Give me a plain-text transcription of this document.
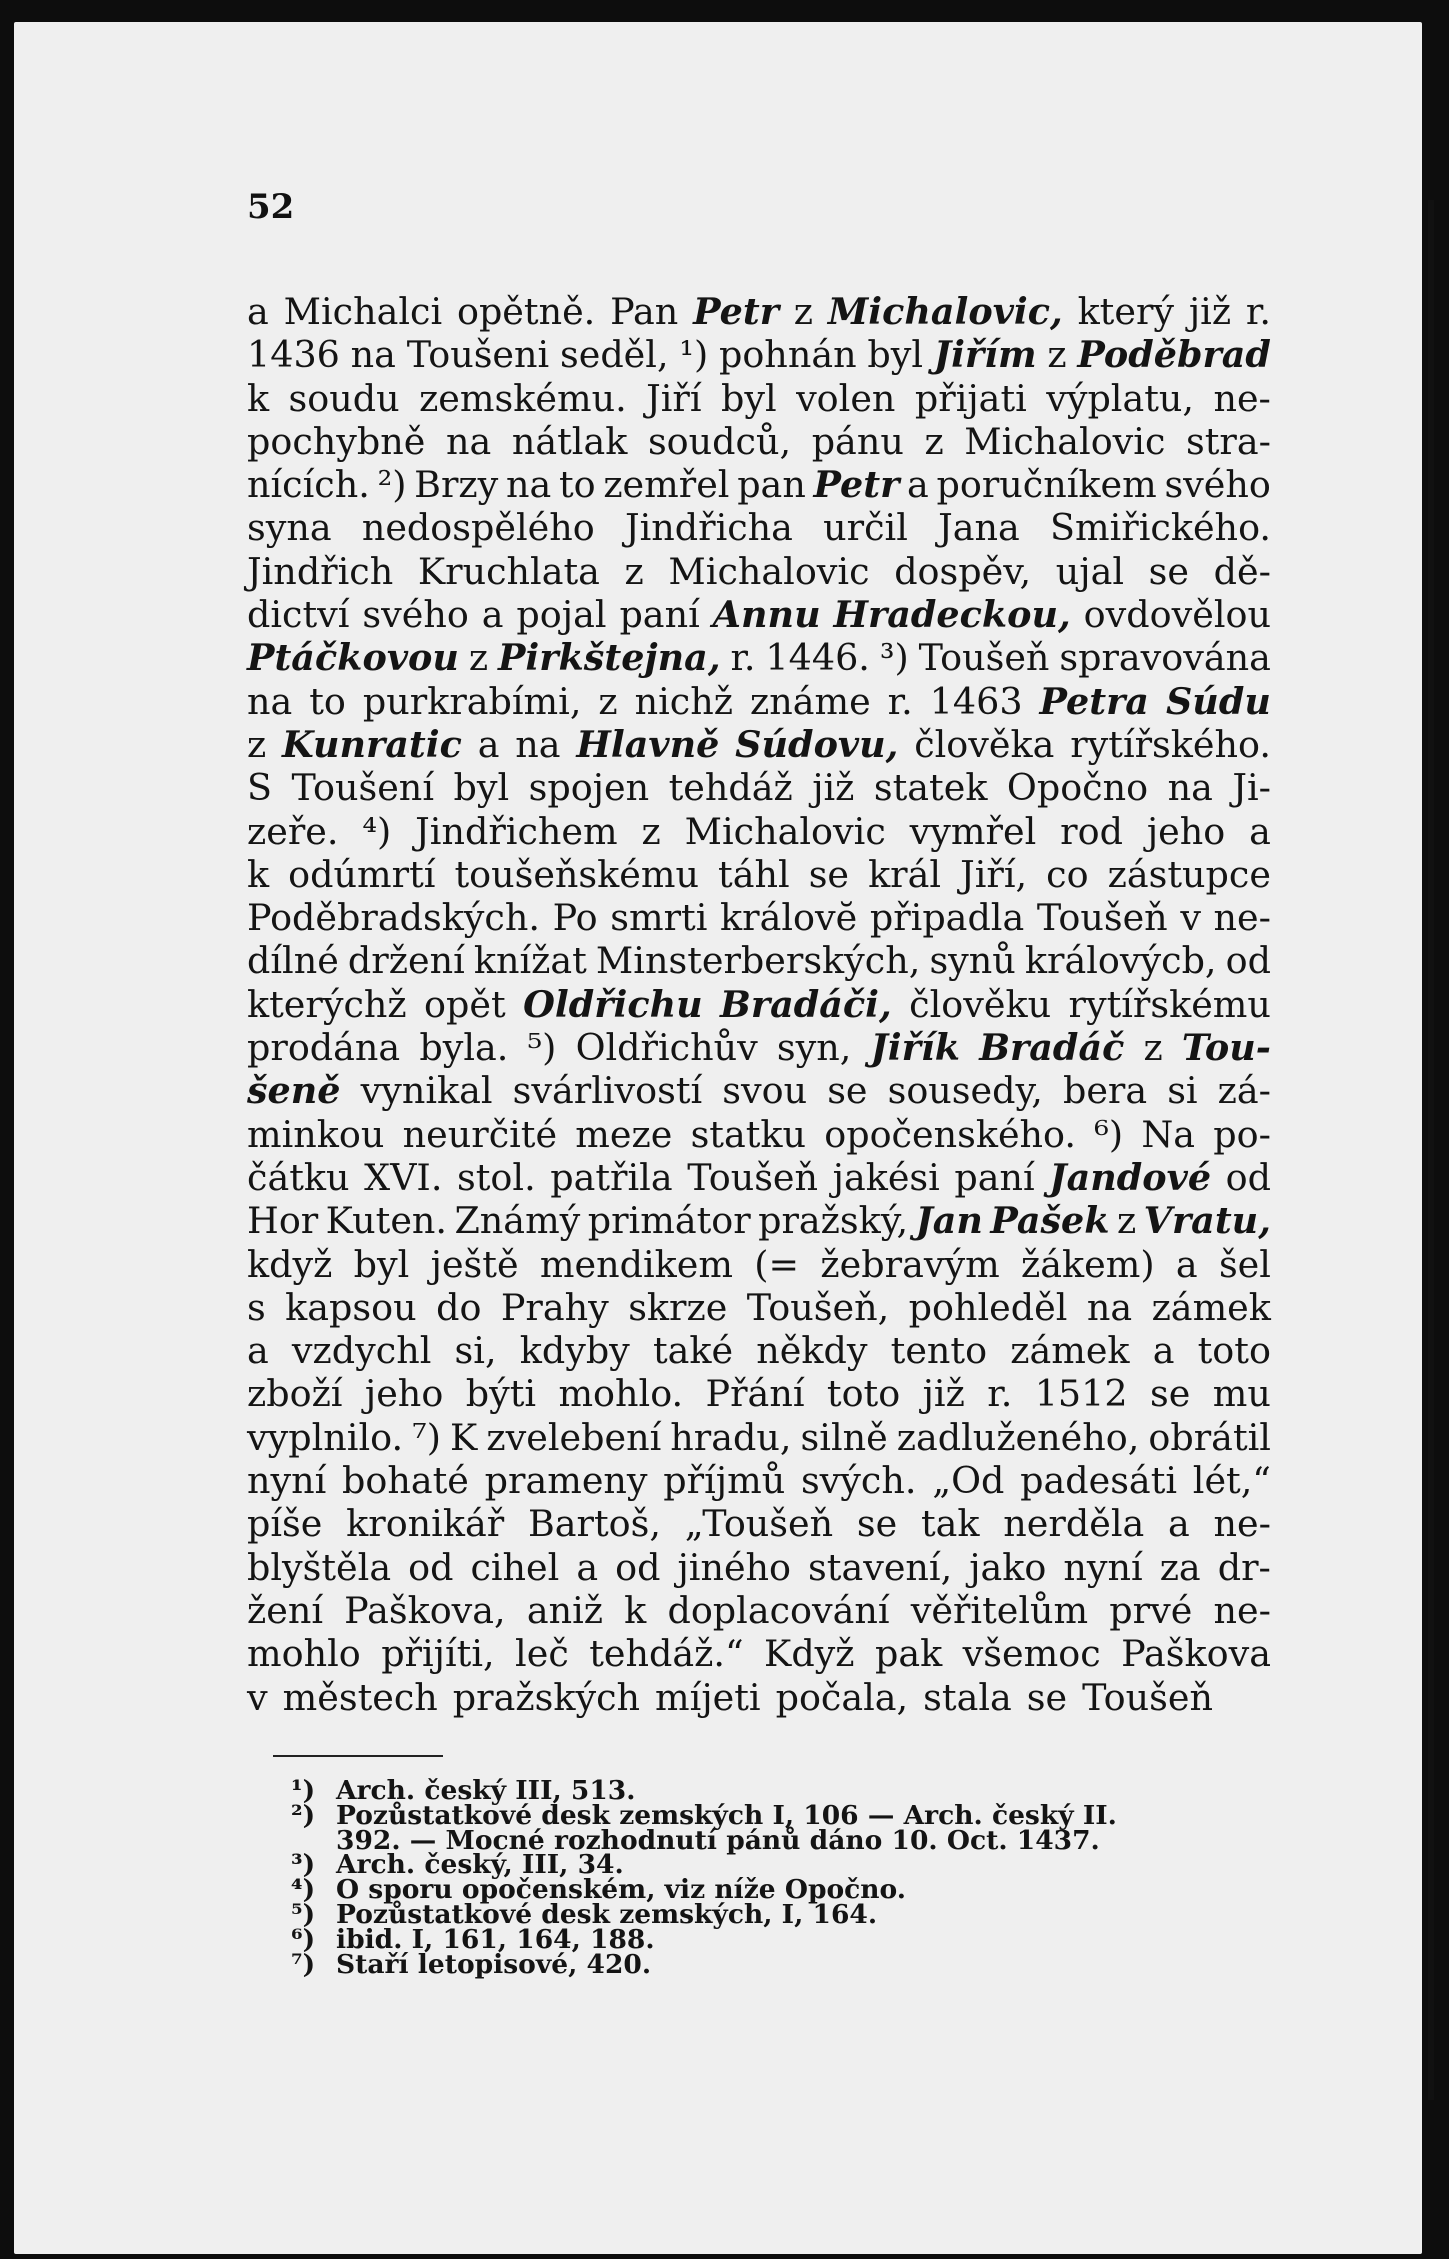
52
a Michalci opětně. Pan Petr z Michalovic, který již r.
1436 na Toušeni seděl, ¹) pohnán byl Jiřím z Poděbrad
k soudu zemskému. Jiří byl volen přijati výplatu, ne-
pochybně na nátlak soudců, pánu z Michalovic stra-
nících. ²) Brzy na to zemřel pan Petr a poručníkem svého
syna nedospělého Jindřicha určil Jana Smiřického.
Jindřich Kruchlata z Michalovic dospěv, ujal se dě-
dictví svého a pojal paní Annu Hradeckou, ovdovělou
Ptáčkovou z Pirkštejna, r. 1446. ³) Toušeň spravována
na to purkrabími, z nichž známe r. 1463 Petra Súdu
z Kunratic a na Hlavně Súdovu, člověka rytířského.
S Toušení byl spojen tehdáž již statek Opočno na Ji-
zeře. ⁴) Jindřichem z Michalovic vymřel rod jeho a
k odúmrtí toušeňskému táhl se král Jiří, co zástupce
Poděbradských. Po smrti královĕ připadla Toušeň v ne-
dílné držení knížat Minsterberských, synů královýcb, od
kterýchž opět Oldřichu Bradáči, člověku rytířskému
prodána byla. ⁵) Oldřichův syn, Jiřík Bradáč z Tou-
šeně vynikal svárlivostí svou se sousedy, bera si zá-
minkou neurčité meze statku opočenského. ⁶) Na po-
čátku XVI. stol. patřila Toušeň jakési paní Jandové od
Hor Kuten. Známý primátor pražský, Jan Pašek z Vratu,
když byl ještě mendikem (= žebravým žákem) a šel
s kapsou do Prahy skrze Toušeň, pohleděl na zámek
a vzdychl si, kdyby také někdy tento zámek a toto
zboží jeho býti mohlo. Přání toto již r. 1512 se mu
vyplnilo. ⁷) K zvelebení hradu, silně zadluženého, obrátil
nyní bohaté prameny příjmů svých. „Od padesáti lét,“
píše kronikář Bartoš, „Toušeň se tak nerděla a ne-
blyštěla od cihel a od jiného stavení, jako nyní za dr-
žení Paškova, aniž k doplacování věřitelům prvé ne-
mohlo přijíti, leč tehdáž.“ Když pak všemoc Paškova
v městech pražských míjeti počala, stala se Toušeň
¹) Arch. český III, 513.
²) Pozůstatkové desk zemských I, 106 — Arch. český II.
392. — Mocné rozhodnutí pánů dáno 10. Oct. 1437.
³) Arch. český, III, 34.
⁴) O sporu opočenském, viz níže Opočno.
⁵) Pozůstatkové desk zemských, I, 164.
⁶) ibid. I, 161, 164, 188.
⁷) Staří letopisové, 420.
